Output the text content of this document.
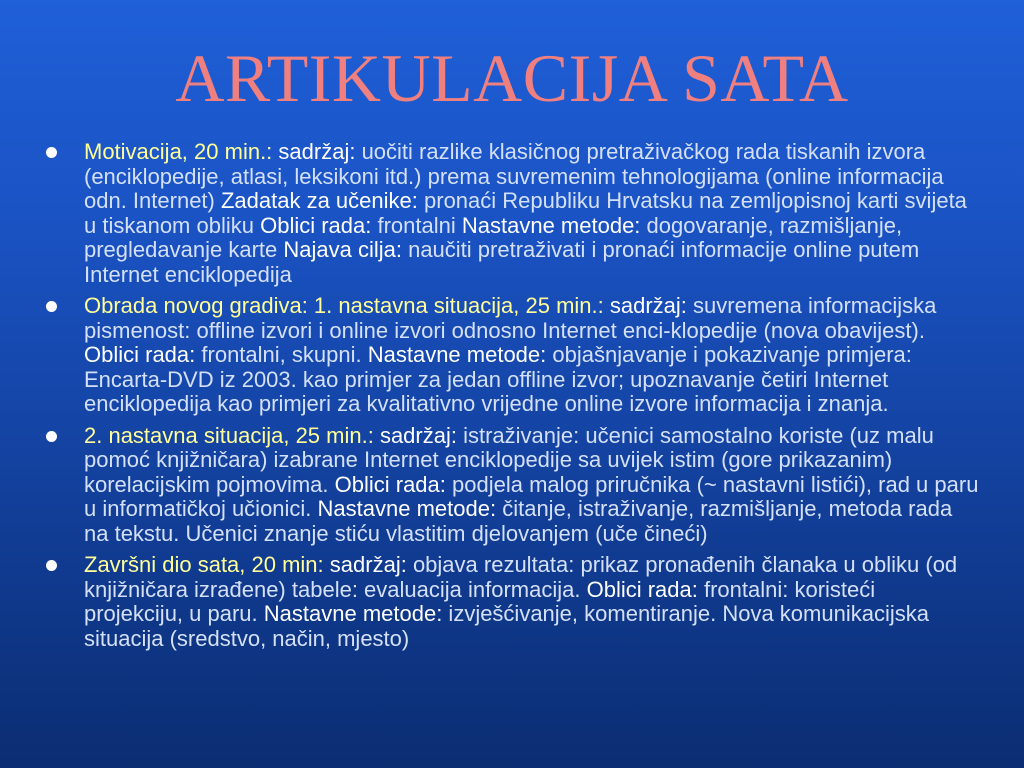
ARTIKULACIJA SATA
Motivacija, 20 min.: sadržaj: uočiti razlike klasičnog pretraživačkog rada tiskanih izvora (enciklopedije, atlasi, leksikoni itd.) prema suvremenim tehnologijama (online informacija odn. Internet) Zadatak za učenike: pronaći Republiku Hrvatsku na zemljopisnoj karti svijeta u tiskanom obliku Oblici rada: frontalni Nastavne metode: dogovaranje, razmišljanje, pregledavanje karte Najava cilja: naučiti pretraživati i pronaći informacije online putem Internet enciklopedija
Obrada novog gradiva: 1. nastavna situacija, 25 min.: sadržaj: suvremena informacijska pismenost: offline izvori i online izvori odnosno Internet enci-klopedije (nova obavijest). Oblici rada: frontalni, skupni. Nastavne metode: objašnjavanje i pokazivanje primjera: Encarta-DVD iz 2003. kao primjer za jedan offline izvor; upoznavanje četiri Internet enciklopedija kao primjeri za kvalitativno vrijedne online izvore informacija i znanja.
2. nastavna situacija, 25 min.: sadržaj: istraživanje: učenici samostalno koriste (uz malu pomoć knjižničara) izabrane Internet enciklopedije sa uvijek istim (gore prikazanim) korelacijskim pojmovima. Oblici rada: podjela malog priručnika (~ nastavni listići), rad u paru u informatičkoj učionici. Nastavne metode: čitanje, istraživanje, razmišljanje, metoda rada na tekstu. Učenici znanje stiću vlastitim djelovanjem (uče čineći)
Završni dio sata, 20 min: sadržaj: objava rezultata: prikaz pronađenih članaka u obliku (od knjižničara izrađene) tabele: evaluacija informacija. Oblici rada: frontalni: koristeći projekciju, u paru. Nastavne metode: izvješćivanje, komentiranje. Nova komunikacijska situacija (sredstvo, način, mjesto)
